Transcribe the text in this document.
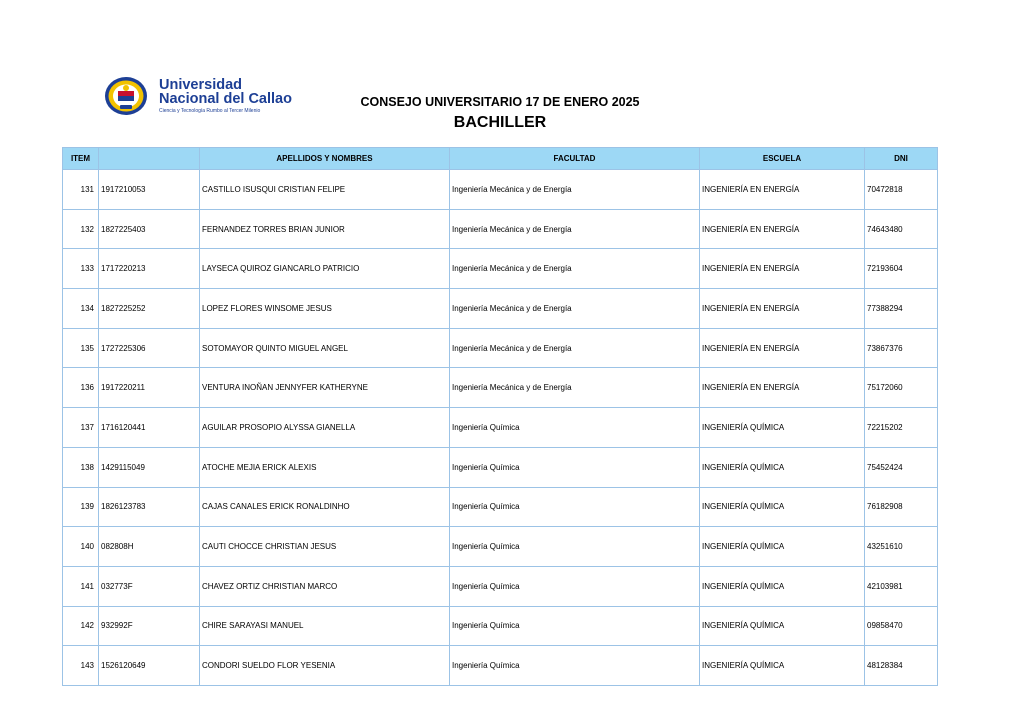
Universidad
Nacional del Callao
Ciencia y Tecnología Rumbo al Tercer Milenio
CONSEJO UNIVERSITARIO 17 DE ENERO 2025
BACHILLER
ITEM		APELLIDOS Y NOMBRES	FACULTAD	ESCUELA	DNI
131	1917210053	CASTILLO ISUSQUI CRISTIAN FELIPE	Ingeniería Mecánica y de Energía	INGENIERÍA EN ENERGÍA	70472818
132	1827225403	FERNANDEZ TORRES BRIAN JUNIOR	Ingeniería Mecánica y de Energía	INGENIERÍA EN ENERGÍA	74643480
133	1717220213	LAYSECA QUIROZ GIANCARLO PATRICIO	Ingeniería Mecánica y de Energía	INGENIERÍA EN ENERGÍA	72193604
134	1827225252	LOPEZ FLORES WINSOME JESUS	Ingeniería Mecánica y de Energía	INGENIERÍA EN ENERGÍA	77388294
135	1727225306	SOTOMAYOR QUINTO MIGUEL ANGEL	Ingeniería Mecánica y de Energía	INGENIERÍA EN ENERGÍA	73867376
136	1917220211	VENTURA INOÑAN JENNYFER KATHERYNE	Ingeniería Mecánica y de Energía	INGENIERÍA EN ENERGÍA	75172060
137	1716120441	AGUILAR PROSOPIO ALYSSA GIANELLA	Ingeniería Química	INGENIERÍA QUÍMICA	72215202
138	1429115049	ATOCHE MEJIA ERICK ALEXIS	Ingeniería Química	INGENIERÍA QUÍMICA	75452424
139	1826123783	CAJAS CANALES ERICK RONALDINHO	Ingeniería Química	INGENIERÍA QUÍMICA	76182908
140	082808H	CAUTI CHOCCE CHRISTIAN JESUS	Ingeniería Química	INGENIERÍA QUÍMICA	43251610
141	032773F	CHAVEZ ORTIZ CHRISTIAN MARCO	Ingeniería Química	INGENIERÍA QUÍMICA	42103981
142	932992F	CHIRE SARAYASI MANUEL	Ingeniería Química	INGENIERÍA QUÍMICA	09858470
143	1526120649	CONDORI SUELDO FLOR YESENIA	Ingeniería Química	INGENIERÍA QUÍMICA	48128384
